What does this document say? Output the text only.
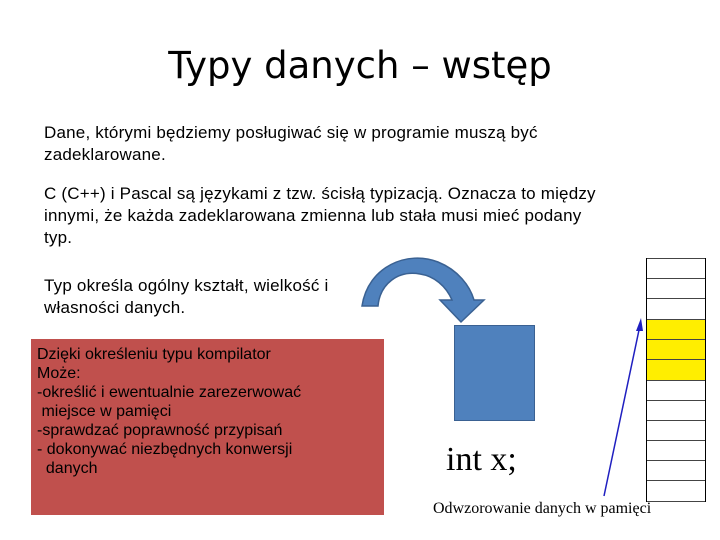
Typy danych – wstęp
Dane, którymi będziemy posługiwać się w programie muszą być zadeklarowane.
C (C++) i Pascal są językami z tzw. ścisłą typizacją. Oznacza to między innymi, że każda zadeklarowana zmienna lub stała musi mieć podany typ.
Typ określa ogólny kształt, wielkość i własności danych.
Dzięki określeniu typu kompilator
Może:
-określić i ewentualnie zarezerwować
miejsce w pamięci
-sprawdzać poprawność przypisań
- dokonywać niezbędnych konwersji
danych	int x;
Odwzorowanie danych w pamięci
